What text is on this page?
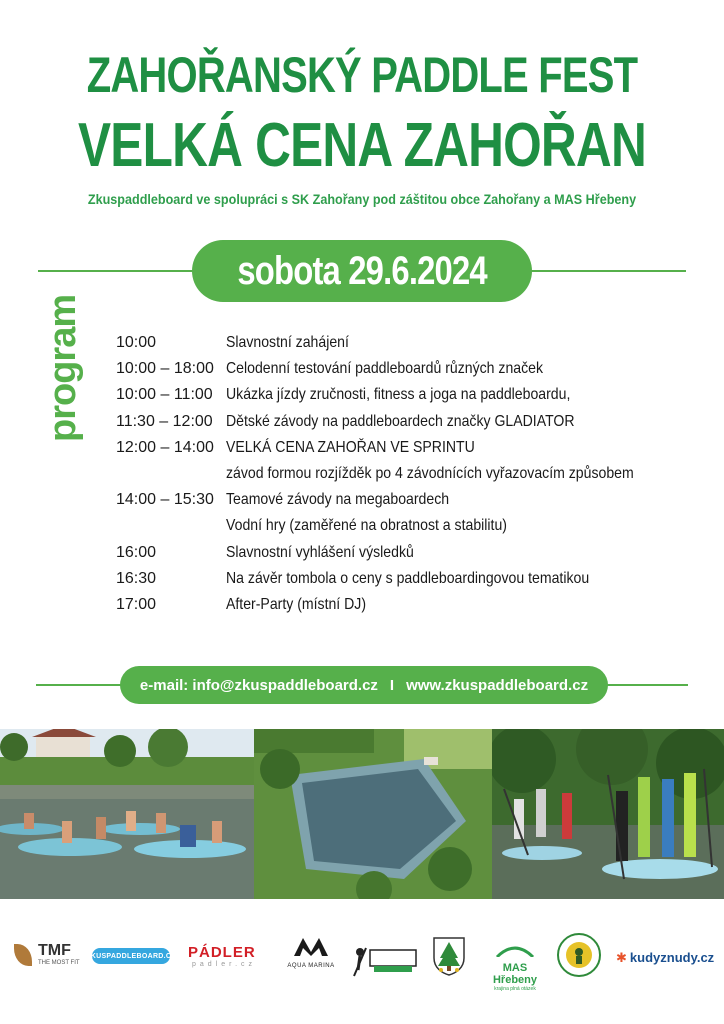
ZAHOŘANSKÝ PADDLE FEST
VELKÁ CENA ZAHOŘAN
Zkuspaddleboard ve spolupráci s SK Zahořany pod záštitou obce Zahořany a MAS Hřebeny
sobota 29.6.2024
program 10:00	Slavnostní zahájení
10:00 – 18:00 Celodenní testování paddleboardů různých značek
10:00 – 11:00 Ukázka jízdy zručnosti, fitness a joga na paddleboardu,
11:30 – 12:00 Dětské závody na paddleboardech značky GLADIATOR
12:00 – 14:00 VELKÁ CENA ZAHOŘAN VE SPRINTU
závod formou rozjížděk po 4 závodnících vyřazovacím způsobem
14:00 – 15:30 Teamové závody na megaboardech
Vodní hry (zaměřené na obratnost a stabilitu)
16:00	Slavnostní vyhlášení výsledků
16:30	Na závěr tombola o ceny s paddleboardingovou tematikou
17:00	After-Party (místní DJ)
e-mail: info@zkuspaddleboard.cz I www.zkuspaddleboard.cz
TMF
THE MOST FIT
ZKUSPADDLEBOARD.CZ PÁDLER
padler.cz	AQUA MARINA	MAS Hřebeny
krajina plná otázek
✱ kudyznudy.cz
